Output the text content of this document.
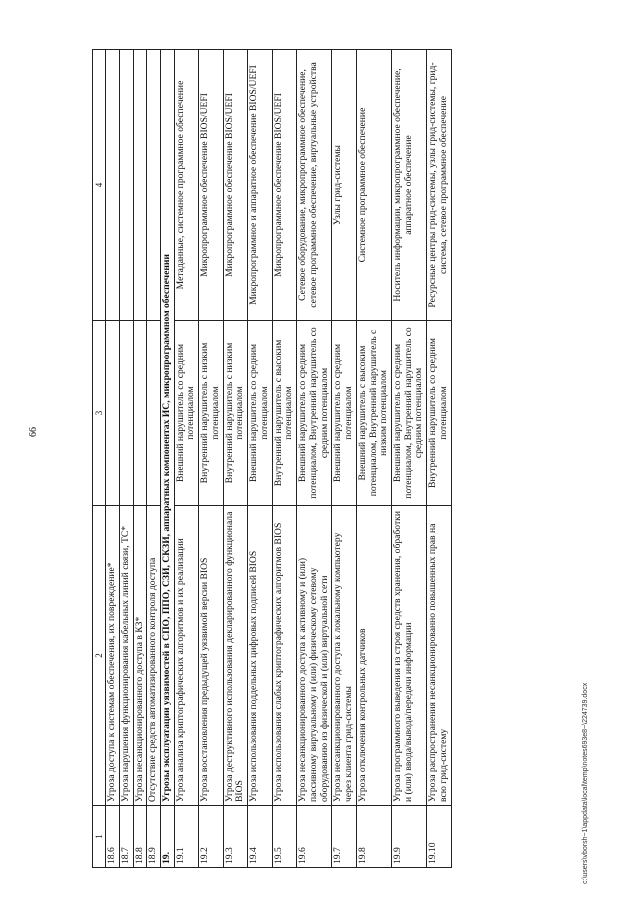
66
1	2	3	4
18.6	Угроза доступа к системам обеспечения, их повреждение*		
18.7	Угроза нарушения функционирования кабельных линий связи, ТС*		
18.8	Угроза несанкционированного доступа в КЗ*		
18.9	Отсутствие средств автоматизированного контроля доступа		
19.	Угрозы эксплуатации уязвимостей в СПО, ППО, СЗИ, СКЗИ, аппаратных компонентах ИС, микропрограммном обеспечении		
19.1	Угроза анализа криптографических алгоритмов и их реализации	Внешний нарушитель со средним потенциалом	Метаданные, системное программное обеспечение
19.2	Угроза восстановления предыдущей уязвимой версии BIOS	Внутренний нарушитель с низким потенциалом	Микропрограммное обеспечение BIOS/UEFI
19.3	Угроза деструктивного использования декларированного функционала BIOS	Внутренний нарушитель с низким потенциалом	Микропрограммное обеспечение BIOS/UEFI
19.4	Угроза использования поддельных цифровых подписей BIOS	Внешний нарушитель со средним потенциалом	Микропрограммное и аппаратное обеспечение BIOS/UEFI
19.5	Угроза использования слабых криптографических алгоритмов BIOS	Внутренний нарушитель с высоким потенциалом	Микропрограммное обеспечение BIOS/UEFI
19.6	Угроза несанкционированного доступа к активному и (или) пассивному виртуальному и (или) физическому сетевому оборудованию из физической и (или) виртуальной сети	Внешний нарушитель со средним потенциалом, Внутренний нарушитель со средним потенциалом	Сетевое оборудование, микропрограммное обеспечение, сетевое программное обеспечение, виртуальные устройства
19.7	Угроза несанкционированного доступа к локальному компьютеру через клиента грид-системы	Внешний нарушитель со средним потенциалом	Узлы грид-системы
19.8	Угроза отключения контрольных датчиков	Внешний нарушитель с высоким потенциалом, Внутренний нарушитель с низким потенциалом	Системное программное обеспечение
19.9	Угроза программного выведения из строя средств хранения, обработки и (или) ввода/вывода/передачи информации	Внешний нарушитель со средним потенциалом, Внутренний нарушитель со средним потенциалом	Носитель информации, микропрограммное обеспечение, аппаратное обеспечение
19.10	Угроза распространения несанкционированно повышенных прав на всю грид-систему	Внутренний нарушитель со средним потенциалом	Ресурсные центры грид-системы, узлы грид-системы, грид-система, сетевое программное обеспечение
c:\users\vborsh~1\appdata\local\temp\notes693e8~\224739.docx
